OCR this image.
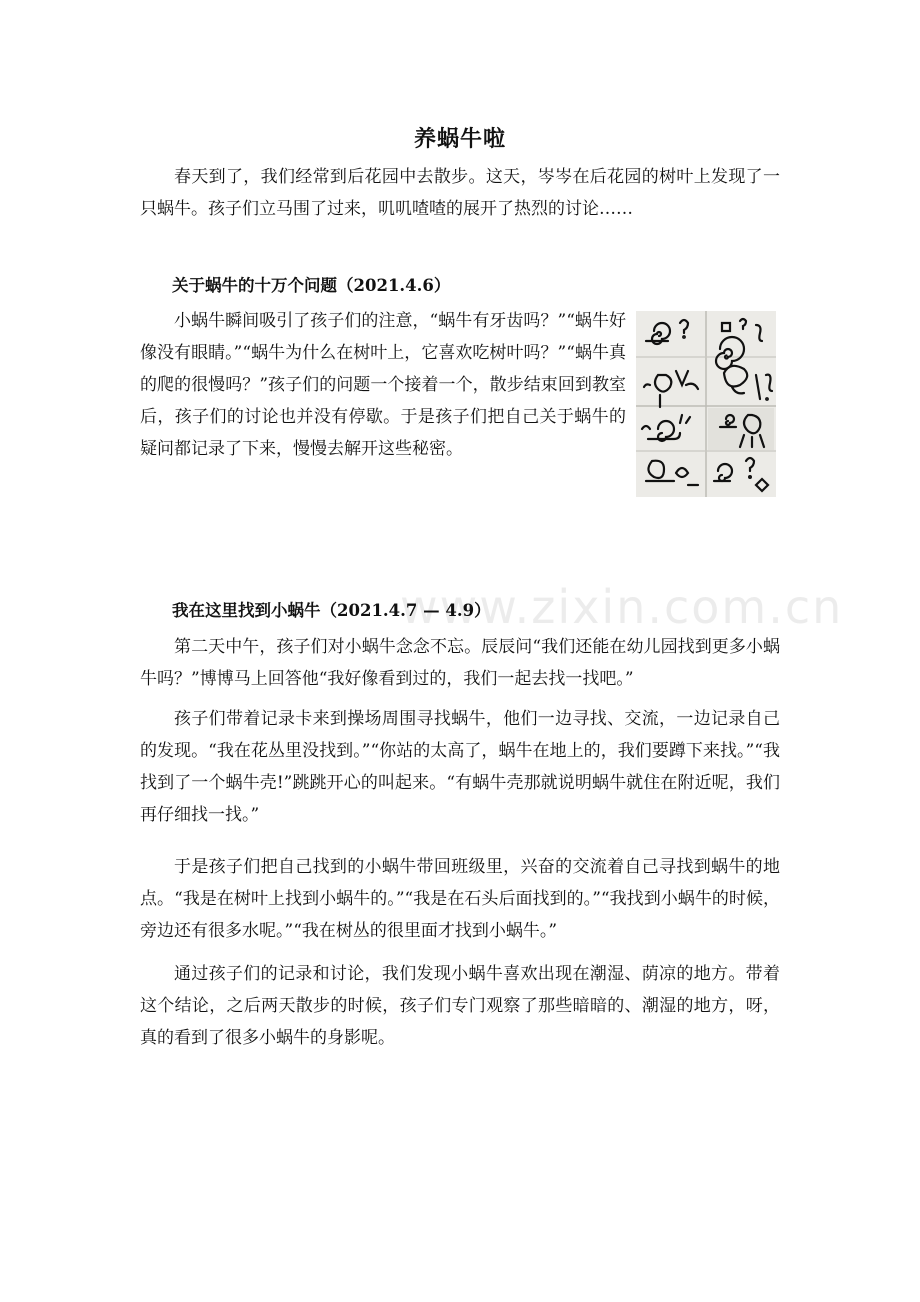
养蜗牛啦

春天到了，我们经常到后花园中去散步。这天，岑岑在后花园的树叶上发现了一只蜗牛。孩子们立马围了过来，叽叽喳喳的展开了热烈的讨论……

关于蜗牛的十万个问题（2021.4.6）

小蜗牛瞬间吸引了孩子们的注意，“蜗牛有牙齿吗？”“蜗牛好像没有眼睛。”“蜗牛为什么在树叶上，它喜欢吃树叶吗？”“蜗牛真的爬的很慢吗？”孩子们的问题一个接着一个，散步结束回到教室后，孩子们的讨论也并没有停歇。于是孩子们把自己关于蜗牛的疑问都记录了下来，慢慢去解开这些秘密。

www.zixin.com.cn
我在这里找到小蜗牛（2021.4.7 — 4.9）

第二天中午，孩子们对小蜗牛念念不忘。辰辰问“我们还能在幼儿园找到更多小蜗牛吗？”博博马上回答他“我好像看到过的，我们一起去找一找吧。”

孩子们带着记录卡来到操场周围寻找蜗牛，他们一边寻找、交流，一边记录自己的发现。“我在花丛里没找到。”“你站的太高了，蜗牛在地上的，我们要蹲下来找。”“我找到了一个蜗牛壳!”跳跳开心的叫起来。“有蜗牛壳那就说明蜗牛就住在附近呢，我们再仔细找一找。”

于是孩子们把自己找到的小蜗牛带回班级里，兴奋的交流着自己寻找到蜗牛的地点。“我是在树叶上找到小蜗牛的。”“我是在石头后面找到的。”“我找到小蜗牛的时候，旁边还有很多水呢。”“我在树丛的很里面才找到小蜗牛。”

通过孩子们的记录和讨论，我们发现小蜗牛喜欢出现在潮湿、荫凉的地方。带着这个结论，之后两天散步的时候，孩子们专门观察了那些暗暗的、潮湿的地方，呀，真的看到了很多小蜗牛的身影呢。
